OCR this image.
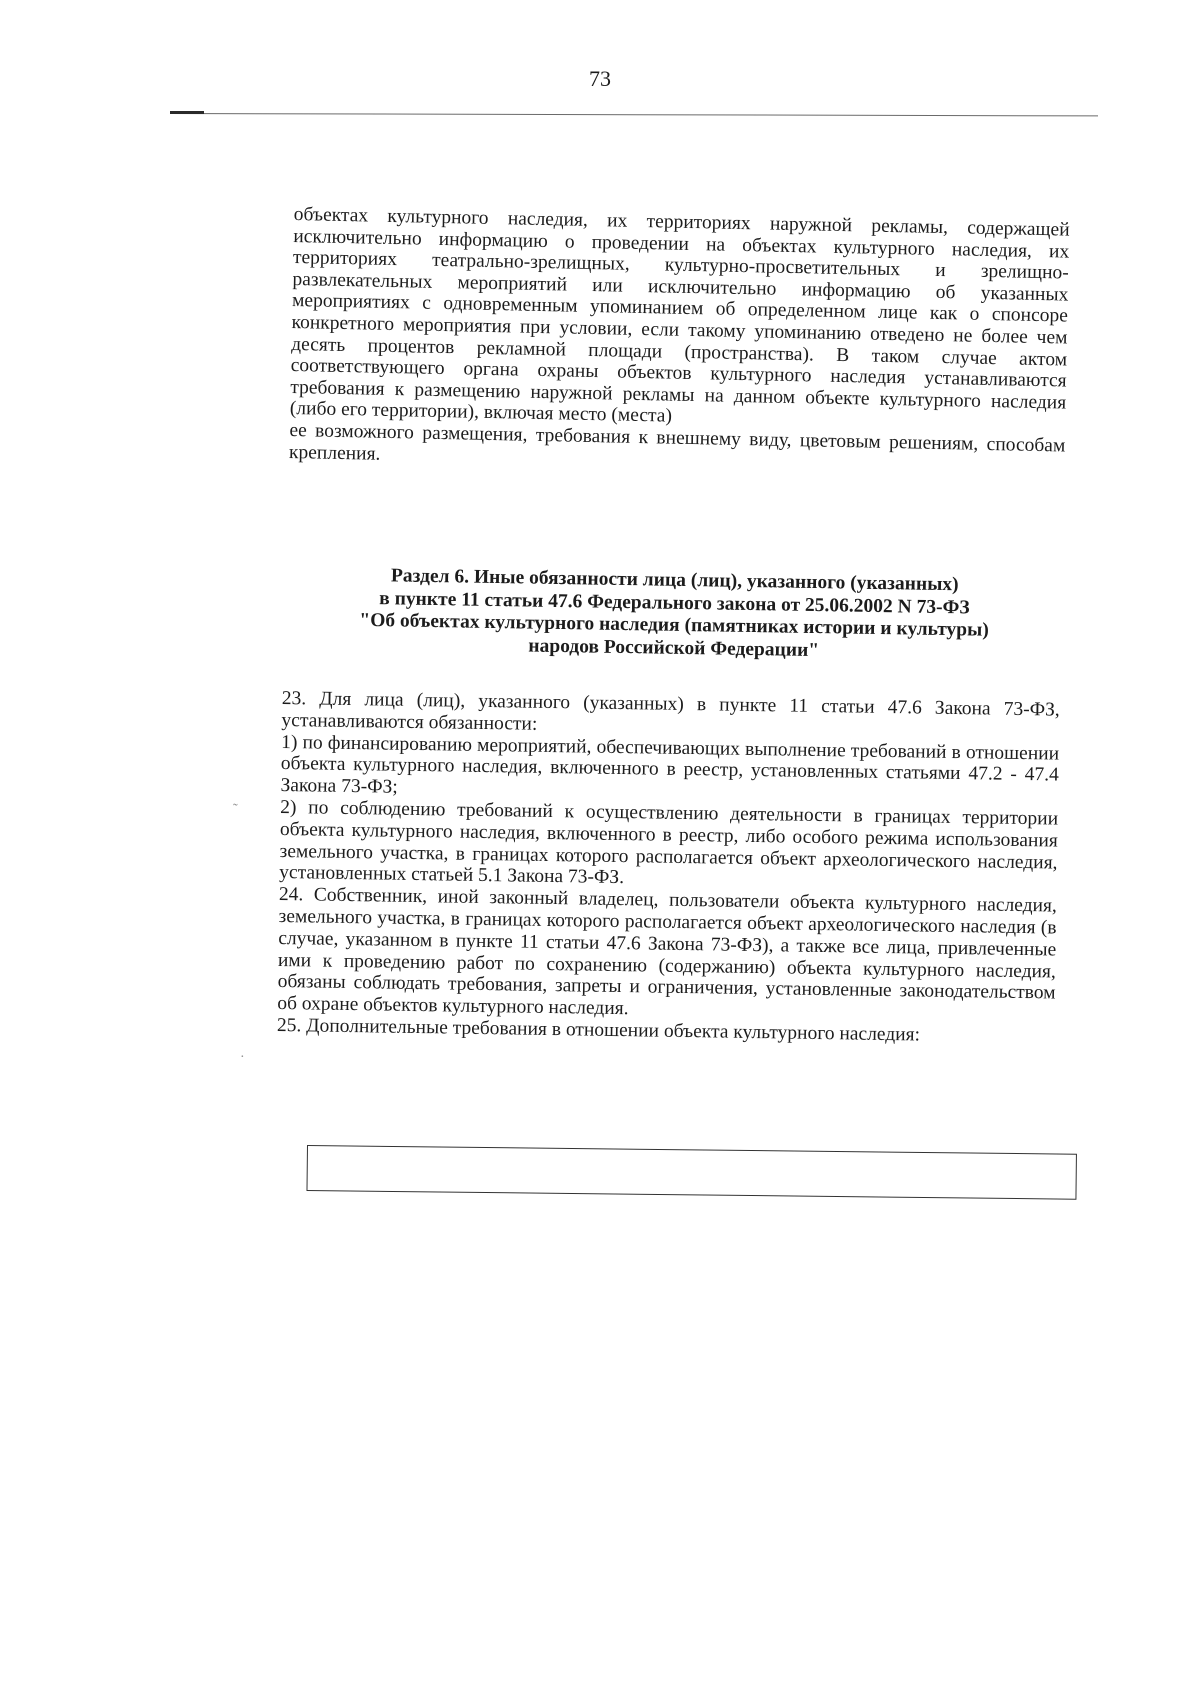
73

объектах культурного наследия, их территориях наружной рекламы, содержащей исключительно информацию о проведении на объектах культурного наследия, их территориях театрально-зрелищных, культурно-просветительных и зрелищно-развлекательных мероприятий или исключительно информацию об указанных мероприятиях с одновременным упоминанием об определенном лице как о спонсоре конкретного мероприятия при условии, если такому упоминанию отведено не более чем десять процентов рекламной площади (пространства). В таком случае актом соответствующего органа охраны объектов культурного наследия устанавливаются требования к размещению наружной рекламы на данном объекте культурного наследия (либо его территории), включая место (места)

ее возможного размещения, требования к внешнему виду, цветовым решениям, способам крепления.

Раздел 6. Иные обязанности лица (лиц), указанного (указанных)
в пункте 11 статьи 47.6 Федерального закона от 25.06.2002 N 73-ФЗ
"Об объектах культурного наследия (памятниках истории и культуры)
народов Российской Федерации"

23. Для лица (лиц), указанного (указанных) в пункте 11 статьи 47.6 Закона 73-ФЗ, устанавливаются обязанности:

1) по финансированию мероприятий, обеспечивающих выполнение требований в отношении объекта культурного наследия, включенного в реестр, установленных статьями 47.2 - 47.4 Закона 73-ФЗ;

2) по соблюдению требований к осуществлению деятельности в границах территории объекта культурного наследия, включенного в реестр, либо особого режима использования земельного участка, в границах которого располагается объект археологического наследия, установленных статьей 5.1 Закона 73-ФЗ.

24. Собственник, иной законный владелец, пользователи объекта культурного наследия, земельного участка, в границах которого располагается объект археологического наследия (в случае, указанном в пункте 11 статьи 47.6 Закона 73-ФЗ), а также все лица, привлеченные ими к проведению работ по сохранению (содержанию) объекта культурного наследия, обязаны соблюдать требования, запреты и ограничения, установленные законодательством об охране объектов культурного наследия.

25. Дополнительные требования в отношении объекта культурного наследия:

˷
·
